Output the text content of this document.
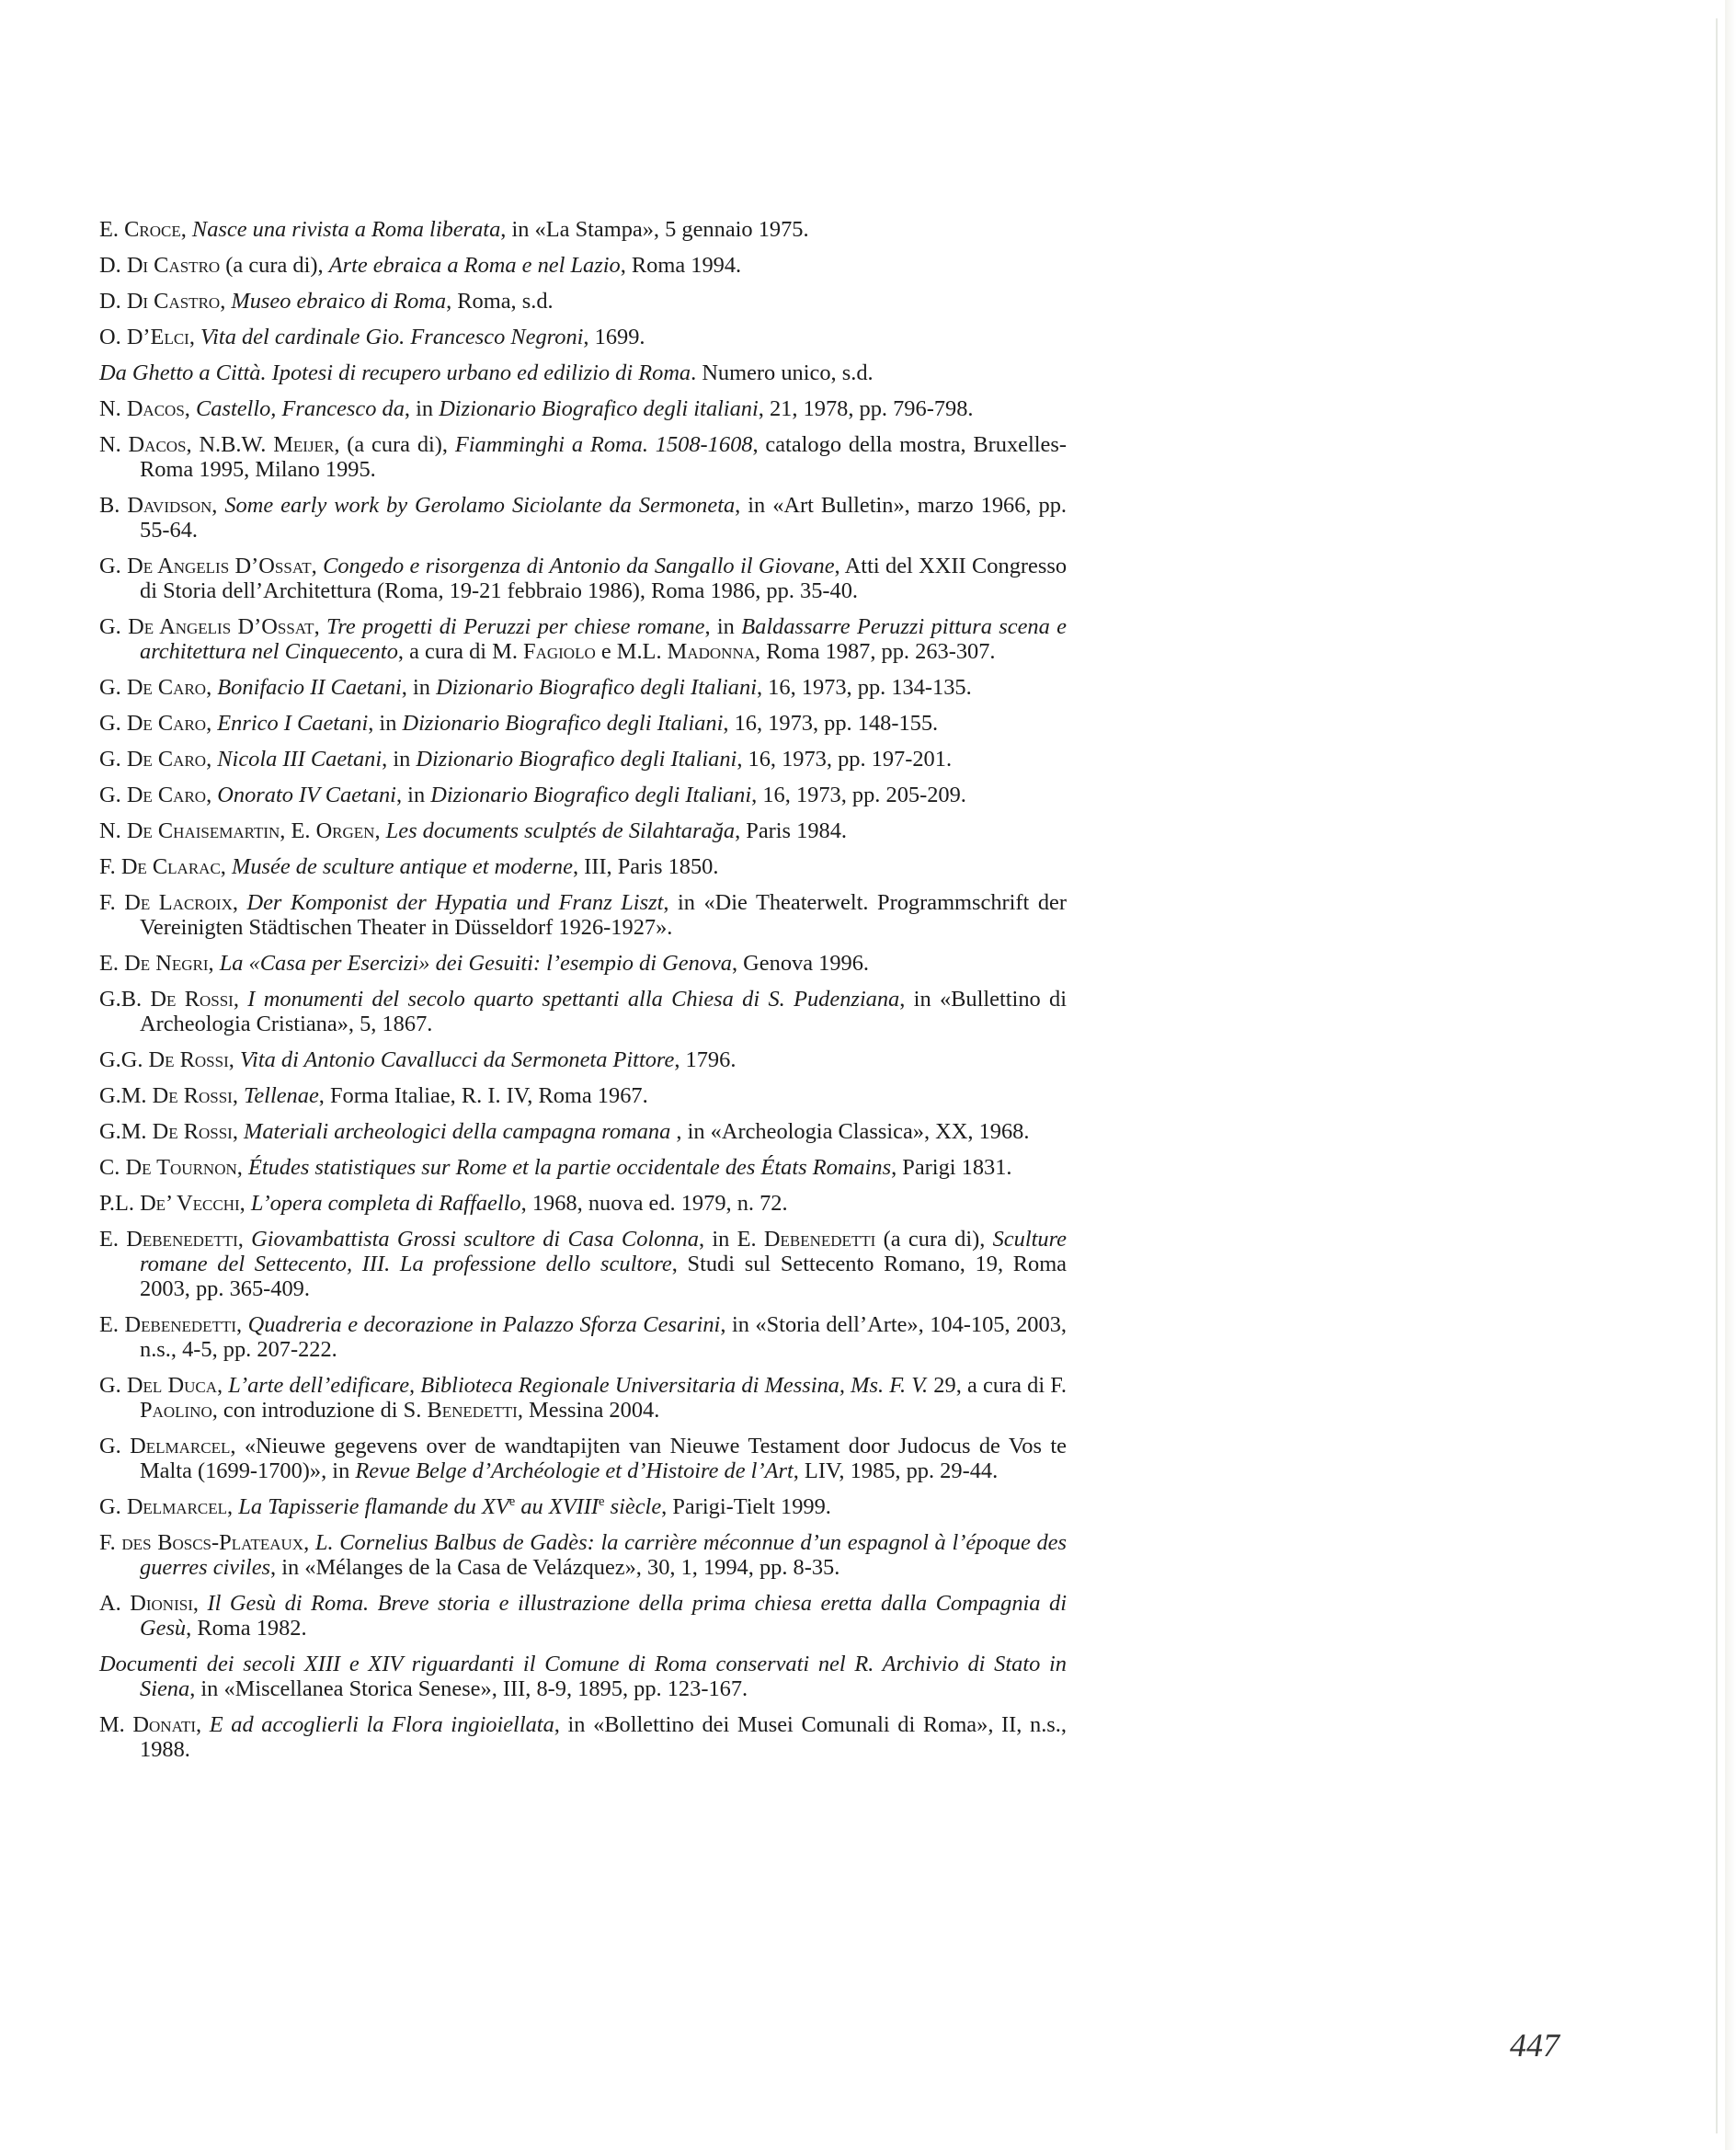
E. Croce, Nasce una rivista a Roma liberata, in «La Stampa», 5 gennaio 1975.
D. Di Castro (a cura di), Arte ebraica a Roma e nel Lazio, Roma 1994.
D. Di Castro, Museo ebraico di Roma, Roma, s.d.
O. D’Elci, Vita del cardinale Gio. Francesco Negroni, 1699.
Da Ghetto a Città. Ipotesi di recupero urbano ed edilizio di Roma. Numero unico, s.d.
N. Dacos, Castello, Francesco da, in Dizionario Biografico degli italiani, 21, 1978, pp. 796-798.
N. Dacos, N.B.W. Meijer, (a cura di), Fiamminghi a Roma. 1508-1608, catalogo della mostra, Bruxelles-Roma 1995, Milano 1995.
B. Davidson, Some early work by Gerolamo Siciolante da Sermoneta, in «Art Bulletin», marzo 1966, pp. 55-64.
G. De Angelis D’Ossat, Congedo e risorgenza di Antonio da Sangallo il Giovane, Atti del XXII Congresso di Storia dell’Architettura (Roma, 19-21 febbraio 1986), Roma 1986, pp. 35-40.
G. De Angelis D’Ossat, Tre progetti di Peruzzi per chiese romane, in Baldassarre Peruzzi pittura scena e architettura nel Cinquecento, a cura di M. Fagiolo e M.L. Madonna, Roma 1987, pp. 263-307.
G. De Caro, Bonifacio II Caetani, in Dizionario Biografico degli Italiani, 16, 1973, pp. 134-135.
G. De Caro, Enrico I Caetani, in Dizionario Biografico degli Italiani, 16, 1973, pp. 148-155.
G. De Caro, Nicola III Caetani, in Dizionario Biografico degli Italiani, 16, 1973, pp. 197-201.
G. De Caro, Onorato IV Caetani, in Dizionario Biografico degli Italiani, 16, 1973, pp. 205-209.
N. De Chaisemartin, E. Orgen, Les documents sculptés de Silahtarağa, Paris 1984.
F. De Clarac, Musée de sculture antique et moderne, III, Paris 1850.
F. De Lacroix, Der Komponist der Hypatia und Franz Liszt, in «Die Theaterwelt. Programmschrift der Vereinigten Städtischen Theater in Düsseldorf 1926-1927».
E. De Negri, La «Casa per Esercizi» dei Gesuiti: l’esempio di Genova, Genova 1996.
G.B. De Rossi, I monumenti del secolo quarto spettanti alla Chiesa di S. Pudenziana, in «Bullettino di Archeologia Cristiana», 5, 1867.
G.G. De Rossi, Vita di Antonio Cavallucci da Sermoneta Pittore, 1796.
G.M. De Rossi, Tellenae, Forma Italiae, R. I. IV, Roma 1967.
G.M. De Rossi, Materiali archeologici della campagna romana , in «Archeologia Classica», XX, 1968.
C. De Tournon, Études statistiques sur Rome et la partie occidentale des États Romains, Parigi 1831.
P.L. De’ Vecchi, L’opera completa di Raffaello, 1968, nuova ed. 1979, n. 72.
E. Debenedetti, Giovambattista Grossi scultore di Casa Colonna, in E. Debenedetti (a cura di), Sculture romane del Settecento, III. La professione dello scultore, Studi sul Settecento Romano, 19, Roma 2003, pp. 365-409.
E. Debenedetti, Quadreria e decorazione in Palazzo Sforza Cesarini, in «Storia dell’Arte», 104-105, 2003, n.s., 4-5, pp. 207-222.
G. Del Duca, L’arte dell’edificare, Biblioteca Regionale Universitaria di Messina, Ms. F. V. 29, a cura di F. Paolino, con introduzione di S. Benedetti, Messina 2004.
G. Delmarcel, «Nieuwe gegevens over de wandtapijten van Nieuwe Testament door Judocus de Vos te Malta (1699-1700)», in Revue Belge d’Archéologie et d’Histoire de l’Art, LIV, 1985, pp. 29-44.
G. Delmarcel, La Tapisserie flamande du XVe au XVIIIe siècle, Parigi-Tielt 1999.
F. des Boscs-Plateaux, L. Cornelius Balbus de Gadès: la carrière méconnue d’un espagnol à l’époque des guerres civiles, in «Mélanges de la Casa de Velázquez», 30, 1, 1994, pp. 8-35.
A. Dionisi, Il Gesù di Roma. Breve storia e illustrazione della prima chiesa eretta dalla Compagnia di Gesù, Roma 1982.
Documenti dei secoli XIII e XIV riguardanti il Comune di Roma conservati nel R. Archivio di Stato in Siena, in «Miscellanea Storica Senese», III, 8-9, 1895, pp. 123-167.
M. Donati, E ad accoglierli la Flora ingioiellata, in «Bollettino dei Musei Comunali di Roma», II, n.s., 1988.
447
